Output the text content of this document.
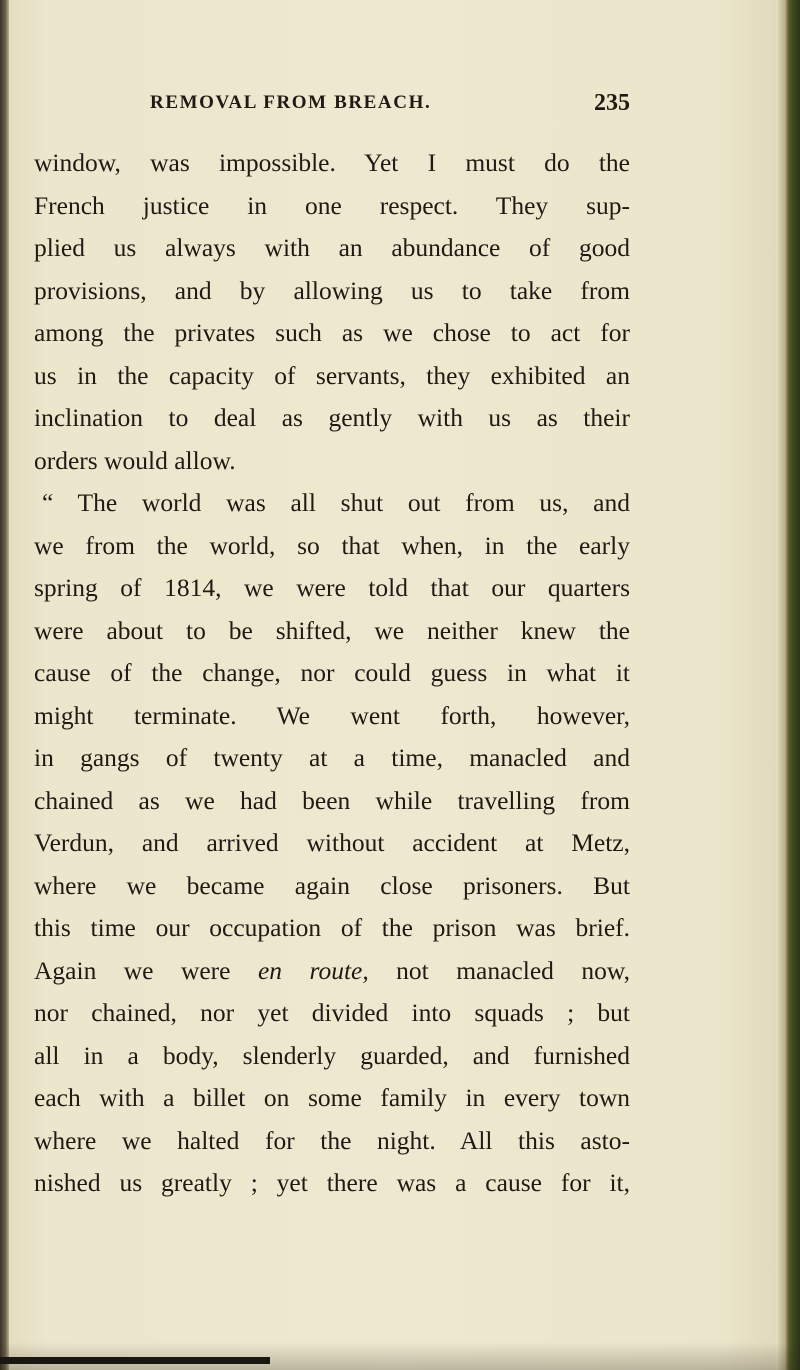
REMOVAL FROM BREACH.	235
window, was impossible. Yet I must do the
French justice in one respect. They sup-
plied us always with an abundance of good
provisions, and by allowing us to take from
among the privates such as we chose to act for
us in the capacity of servants, they exhibited an
inclination to deal as gently with us as their
orders would allow.
“ The world was all shut out from us, and
we from the world, so that when, in the early
spring of 1814, we were told that our quarters
were about to be shifted, we neither knew the
cause of the change, nor could guess in what it
might terminate. We went forth, however,
in gangs of twenty at a time, manacled and
chained as we had been while travelling from
Verdun, and arrived without accident at Metz,
where we became again close prisoners. But
this time our occupation of the prison was brief.
Again we were en route, not manacled now,
nor chained, nor yet divided into squads ; but
all in a body, slenderly guarded, and furnished
each with a billet on some family in every town
where we halted for the night. All this asto-
nished us greatly ; yet there was a cause for it,
